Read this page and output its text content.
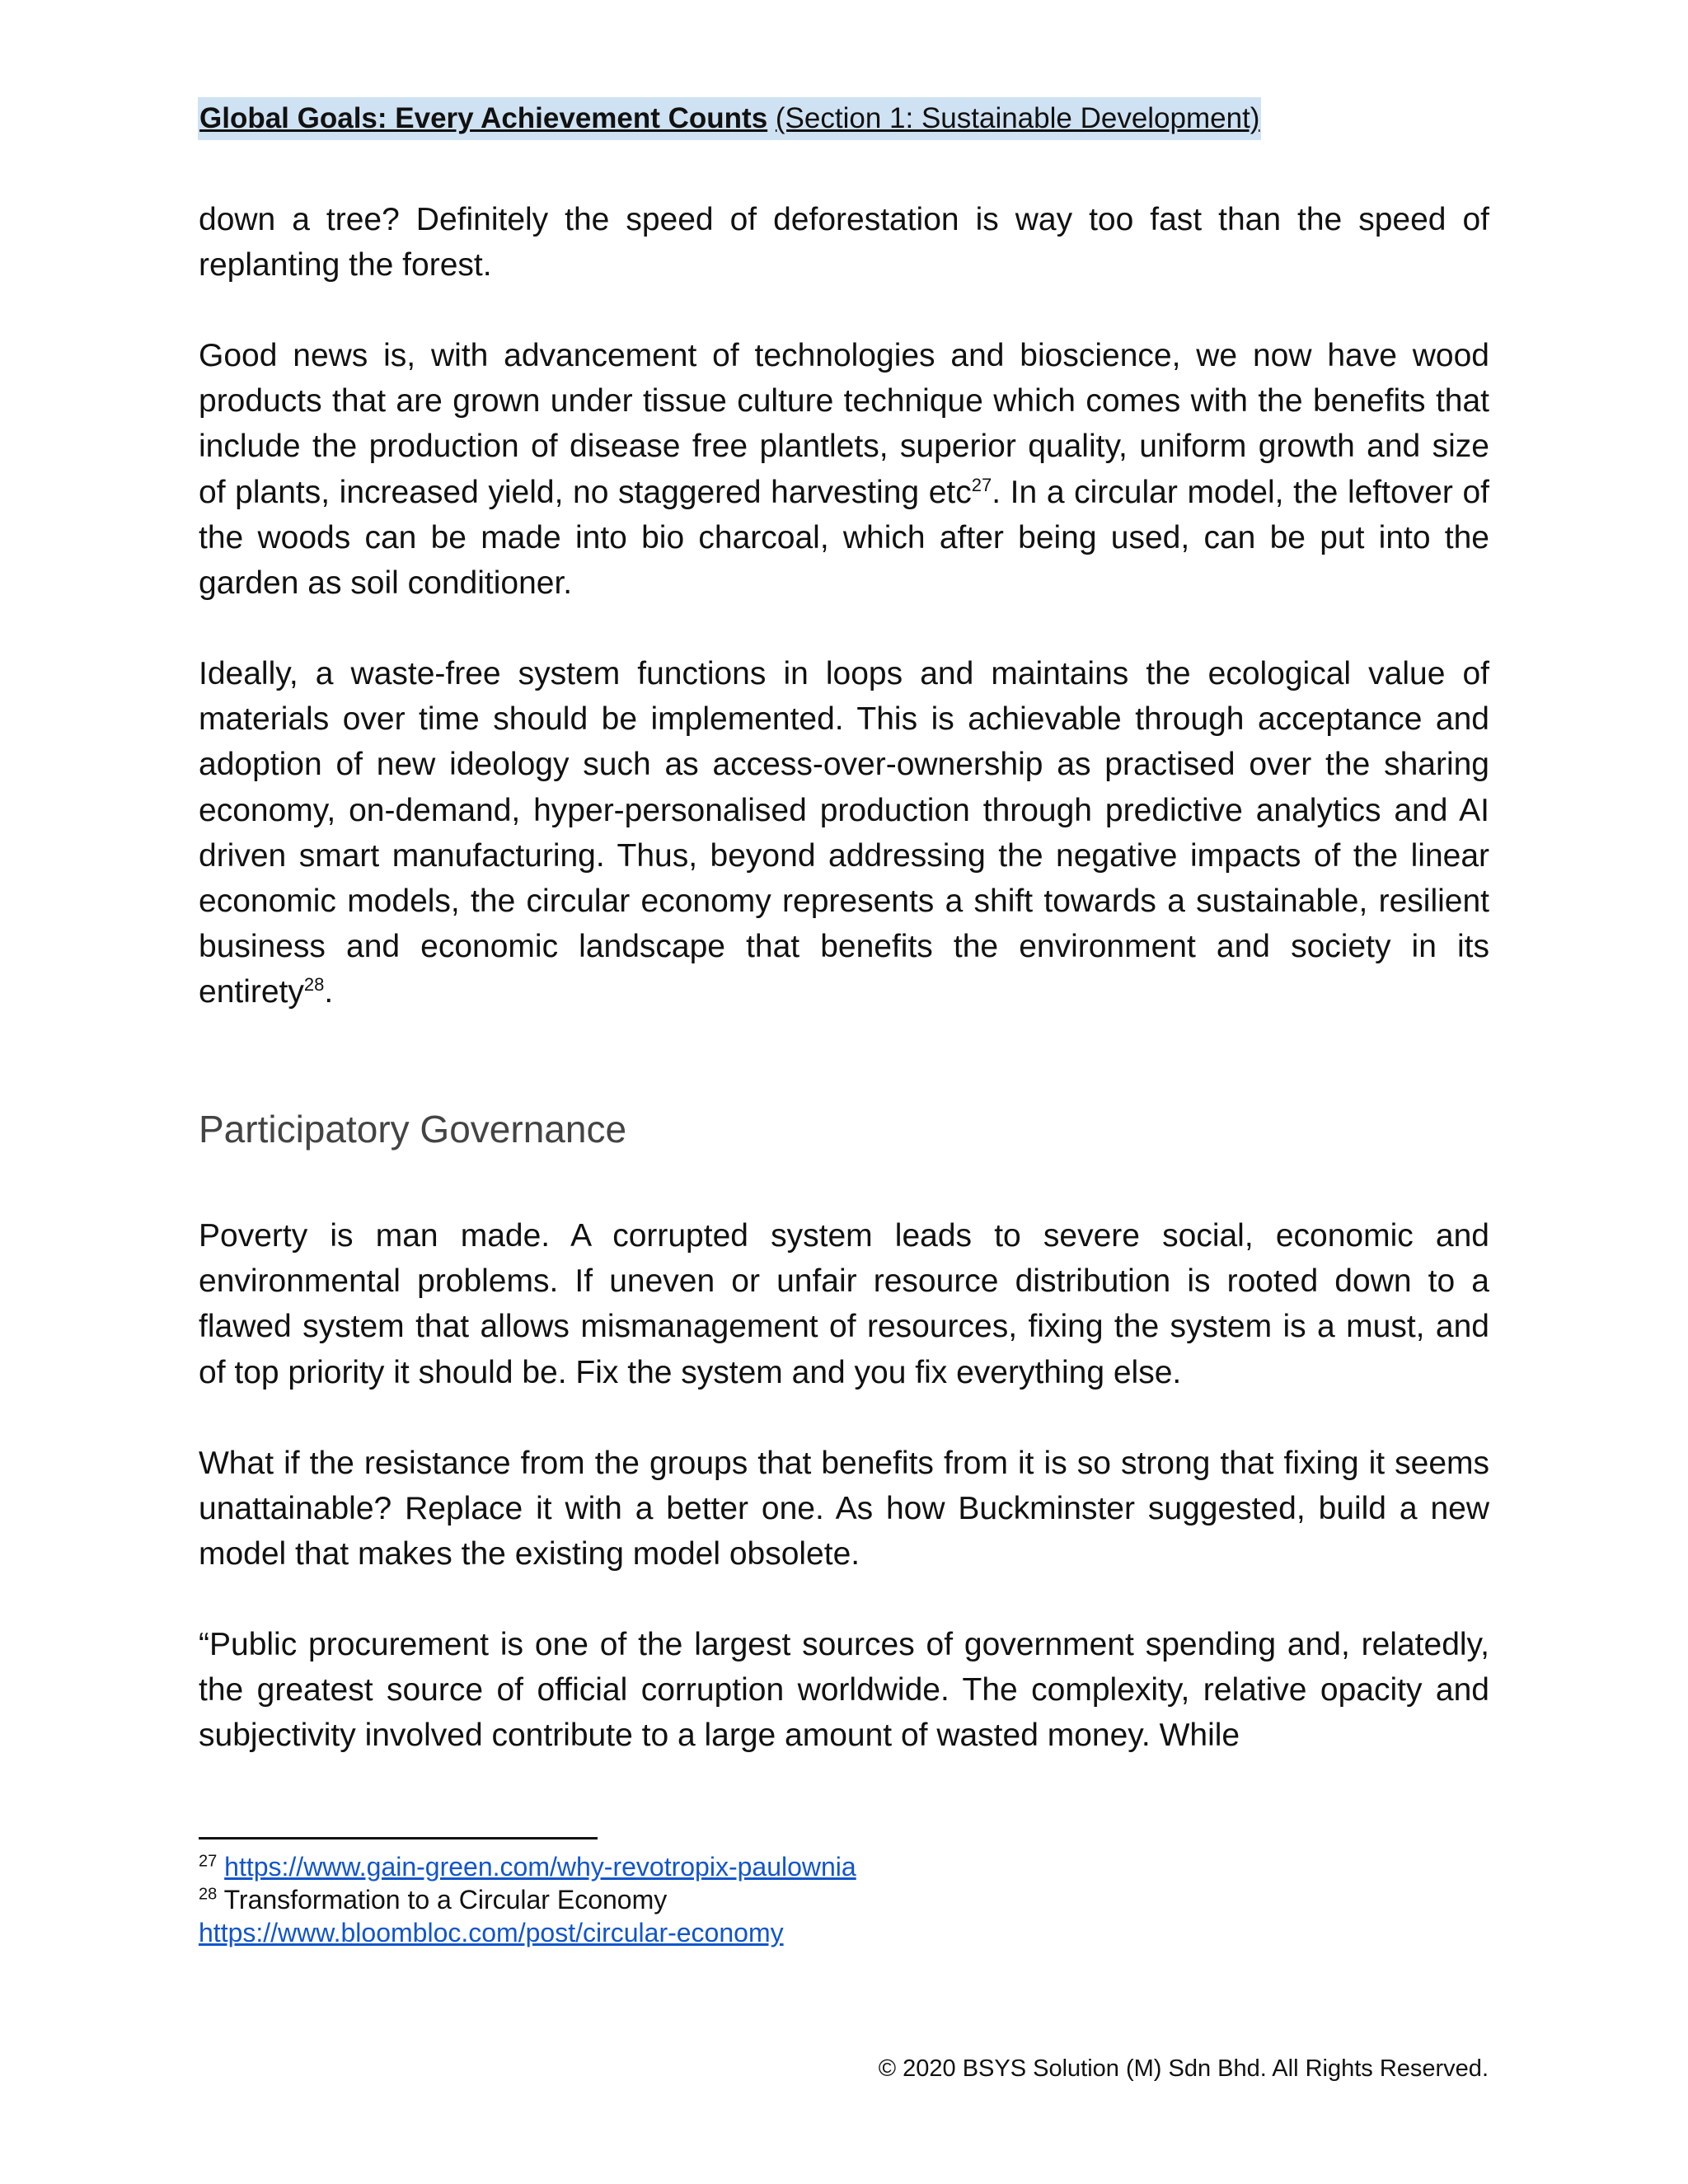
Global Goals: Every Achievement Counts (Section 1: Sustainable Development)

down a tree? Definitely the speed of deforestation is way too fast than the speed of replanting the forest.

Good news is, with advancement of technologies and bioscience, we now have wood products that are grown under tissue culture technique which comes with the benefits that include the production of disease free plantlets, superior quality, uniform growth and size of plants, increased yield, no staggered harvesting etc$^{27}$. In a circular model, the leftover of the woods can be made into bio charcoal, which after being used, can be put into the garden as soil conditioner.

Ideally, a waste-free system functions in loops and maintains the ecological value of materials over time should be implemented. This is achievable through acceptance and adoption of new ideology such as access-over-ownership as practised over the sharing economy, on-demand, hyper-personalised production through predictive analytics and AI driven smart manufacturing. Thus, beyond addressing the negative impacts of the linear economic models, the circular economy represents a shift towards a sustainable, resilient business and economic landscape that benefits the environment and society in its entirety$^{28}$.

Participatory Governance

Poverty is man made. A corrupted system leads to severe social, economic and environmental problems. If uneven or unfair resource distribution is rooted down to a flawed system that allows mismanagement of resources, fixing the system is a must, and of top priority it should be. Fix the system and you fix everything else.

What if the resistance from the groups that benefits from it is so strong that fixing it seems unattainable? Replace it with a better one. As how Buckminster suggested, build a new model that makes the existing model obsolete.

“Public procurement is one of the largest sources of government spending and, relatedly, the greatest source of official corruption worldwide. The complexity, relative opacity and subjectivity involved contribute to a large amount of wasted money. While

$^{27}$ https://www.gain-green.com/why-revotropix-paulownia
$^{28}$ Transformation to a Circular Economy
https://www.bloombloc.com/post/circular-economy
© 2020 BSYS Solution (M) Sdn Bhd. All Rights Reserved.
